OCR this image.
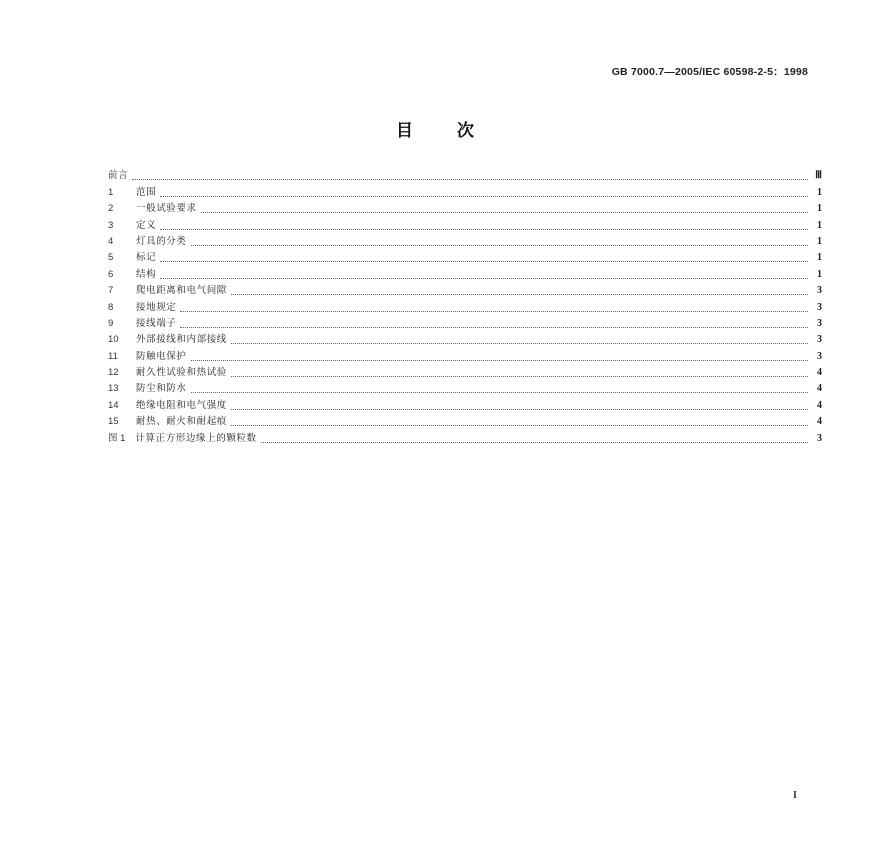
GB 7000.7—2005/IEC 60598-2-5：1998
目次
前言	Ⅲ
1	范围	1
2	一般试验要求	1
3	定义	1
4	灯具的分类	1
5	标记	1
6	结构	1
7	爬电距离和电气间隙	3
8	接地规定	3
9	接线端子	3
10	外部接线和内部接线	3
11	防触电保护	3
12	耐久性试验和热试验	4
13	防尘和防水	4
14	绝缘电阻和电气强度	4
15	耐热、耐火和耐起痕	4
图 1 计算正方形边缘上的颗粒数	3
I
